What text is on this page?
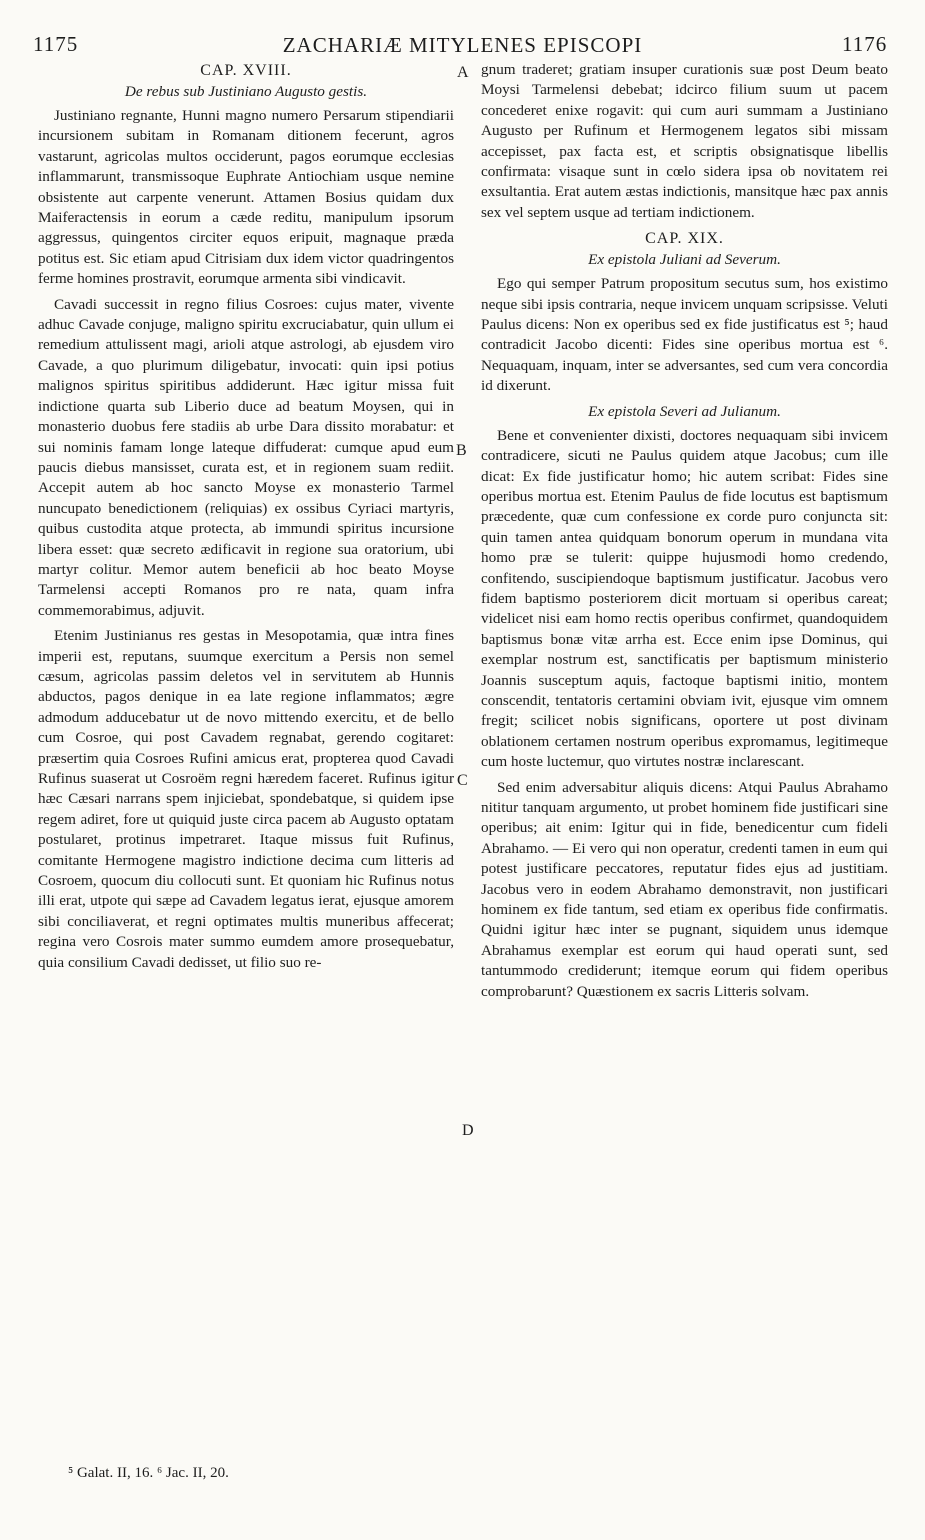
1175	ZACHARIÆ MITYLENES EPISCOPI	1176
CAP. XVIII.
De rebus sub Justiniano Augusto gestis.

Justiniano regnante, Hunni magno numero Persarum stipendiarii incursionem subitam in Romanam ditionem fecerunt, agros vastarunt, agricolas multos occiderunt, pagos eorumque ecclesias inflammarunt, transmissoque Euphrate Antiochiam usque nemine obsistente aut carpente venerunt. Attamen Bosius quidam dux Maiferactensis in eorum a cæde reditu, manipulum ipsorum aggressus, quingentos circiter equos eripuit, magnaque præda potitus est. Sic etiam apud Citrisiam dux idem victor quadringentos ferme homines prostravit, eorumque armenta sibi vindicavit.

Cavadi successit in regno filius Cosroes: cujus mater, vivente adhuc Cavade conjuge, maligno spiritu excruciabatur, quin ullum ei remedium attulissent magi, arioli atque astrologi, ab ejusdem viro Cavade, a quo plurimum diligebatur, invocati: quin ipsi potius malignos spiritus spiritibus addiderunt. Hæc igitur missa fuit indictione quarta sub Liberio duce ad beatum Moysen, qui in monasterio duobus fere stadiis ab urbe Dara dissito morabatur: et sui nominis famam longe lateque diffuderat: cumque apud eum paucis diebus mansisset, curata est, et in regionem suam rediit. Accepit autem ab hoc sancto Moyse ex monasterio Tarmel nuncupato benedictionem (reliquias) ex ossibus Cyriaci martyris, quibus custodita atque protecta, ab immundi spiritus incursione libera esset: quæ secreto ædificavit in regione sua oratorium, ubi martyr colitur. Memor autem beneficii ab hoc beato Moyse Tarmelensi accepti Romanos pro re nata, quam infra commemorabimus, adjuvit.

Etenim Justinianus res gestas in Mesopotamia, quæ intra fines imperii est, reputans, suumque exercitum a Persis non semel cæsum, agricolas passim deletos vel in servitutem ab Hunnis abductos, pagos denique in ea late regione inflammatos; ægre admodum adducebatur ut de novo mittendo exercitu, et de bello cum Cosroe, qui post Cavadem regnabat, gerendo cogitaret: præsertim quia Cosroes Rufini amicus erat, propterea quod Cavadi Rufinus suaserat ut Cosroëm regni hæredem faceret. Rufinus igitur hæc Cæsari narrans spem injiciebat, spondebatque, si quidem ipse regem adiret, fore ut quiquid juste circa pacem ab Augusto optatam postularet, protinus impetraret. Itaque missus fuit Rufinus, comitante Hermogene magistro indictione decima cum litteris ad Cosroem, quocum diu collocuti sunt. Et quoniam hic Rufinus notus illi erat, utpote qui sæpe ad Cavadem legatus ierat, ejusque amorem sibi conciliaverat, et regni optimates multis muneribus affecerat; regina vero Cosrois mater summo eumdem amore prosequebatur, quia consilium Cavadi dedisset, ut filio suo re-

A
B
C
D

gnum traderet; gratiam insuper curationis suæ post Deum beato Moysi Tarmelensi debebat; idcirco filium suum ut pacem concederet enixe rogavit: qui cum auri summam a Justiniano Augusto per Rufinum et Hermogenem legatos sibi missam accepisset, pax facta est, et scriptis obsignatisque libellis confirmata: visaque sunt in cœlo sidera ipsa ob novitatem rei exsultantia. Erat autem æstas indictionis, mansitque hæc pax annis sex vel septem usque ad tertiam indictionem.

CAP. XIX.
Ex epistola Juliani ad Severum.

Ego qui semper Patrum propositum secutus sum, hos existimo neque sibi ipsis contraria, neque invicem unquam scripsisse. Veluti Paulus dicens: Non ex operibus sed ex fide justificatus est ⁵; haud contradicit Jacobo dicenti: Fides sine operibus mortua est ⁶. Nequaquam, inquam, inter se adversantes, sed cum vera concordia id dixerunt.

Ex epistola Severi ad Julianum.

Bene et convenienter dixisti, doctores nequaquam sibi invicem contradicere, sicuti ne Paulus quidem atque Jacobus; cum ille dicat: Ex fide justificatur homo; hic autem scribat: Fides sine operibus mortua est. Etenim Paulus de fide locutus est baptismum præcedente, quæ cum confessione ex corde puro conjuncta sit: quin tamen antea quidquam bonorum operum in mundana vita homo præ se tulerit: quippe hujusmodi homo credendo, confitendo, suscipiendoque baptismum justificatur. Jacobus vero fidem baptismo posteriorem dicit mortuam si operibus careat; videlicet nisi eam homo rectis operibus confirmet, quandoquidem baptismus bonæ vitæ arrha est. Ecce enim ipse Dominus, qui exemplar nostrum est, sanctificatis per baptismum ministerio Joannis susceptum aquis, factoque baptismi initio, montem conscendit, tentatoris certamini obviam ivit, ejusque vim omnem fregit; scilicet nobis significans, oportere ut post divinam oblationem certamen nostrum operibus expromamus, legitimeque cum hoste luctemur, quo virtutes nostræ inclarescant.

Sed enim adversabitur aliquis dicens: Atqui Paulus Abrahamo nititur tanquam argumento, ut probet hominem fide justificari sine operibus; ait enim: Igitur qui in fide, benedicentur cum fideli Abrahamo. — Ei vero qui non operatur, credenti tamen in eum qui potest justificare peccatores, reputatur fides ejus ad justitiam. Jacobus vero in eodem Abrahamo demonstravit, non justificari hominem ex fide tantum, sed etiam ex operibus fide confirmatis. Quidni igitur hæc inter se pugnant, siquidem unus idemque Abrahamus exemplar est eorum qui haud operati sunt, sed tantummodo crediderunt; itemque eorum qui fidem operibus comprobarunt? Quæstionem ex sacris Litteris solvam.

⁵ Galat. II, 16. ⁶ Jac. II, 20.
